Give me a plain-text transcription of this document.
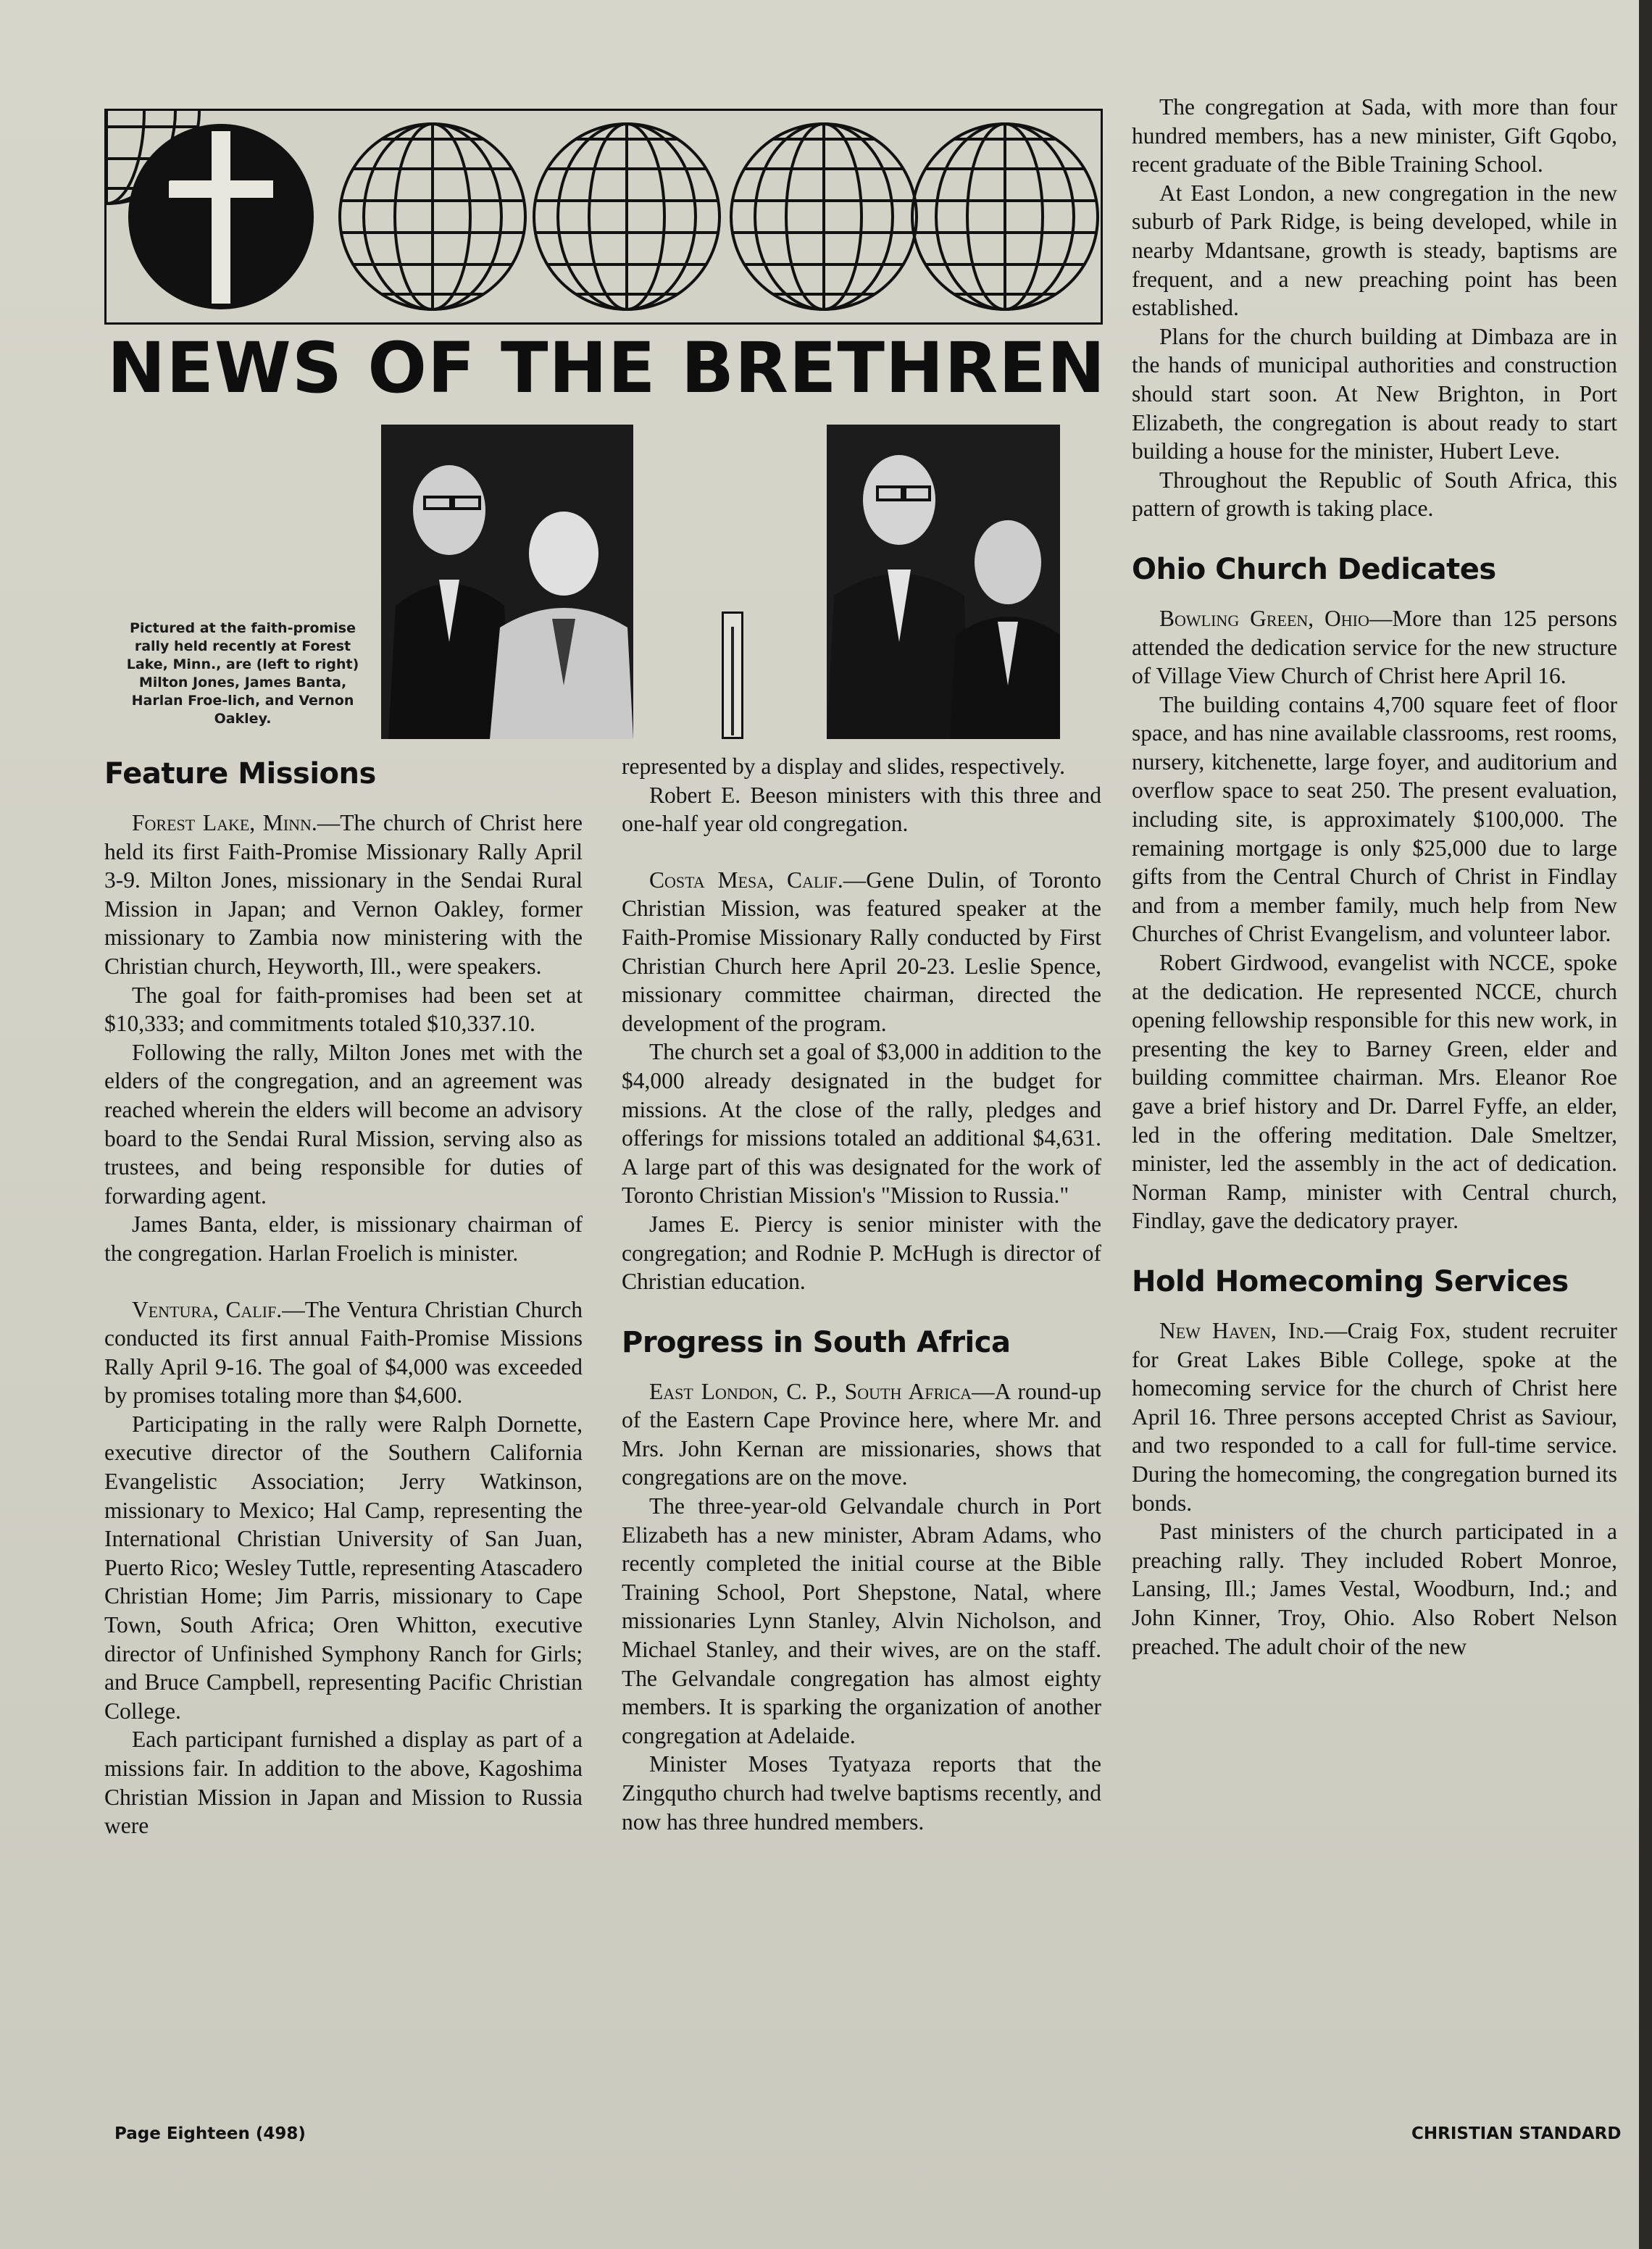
NEWS OF THE BRETHREN
Pictured at the faith-promise rally held recently at Forest Lake, Minn., are (left to right) Milton Jones, James Banta, Harlan Froe-lich, and Vernon Oakley.
Feature Missions

Forest Lake, Minn.—The church of Christ here held its first Faith-Promise Missionary Rally April 3-9. Milton Jones, missionary in the Sendai Rural Mission in Japan; and Vernon Oakley, former missionary to Zambia now ministering with the Christian church, Heyworth, Ill., were speakers.

The goal for faith-promises had been set at $10,333; and commitments totaled $10,337.10.

Following the rally, Milton Jones met with the elders of the congregation, and an agreement was reached wherein the elders will become an advisory board to the Sendai Rural Mission, serving also as trustees, and being responsible for duties of forwarding agent.

James Banta, elder, is missionary chairman of the congregation. Harlan Froelich is minister.

Ventura, Calif.—The Ventura Christian Church conducted its first annual Faith-Promise Missions Rally April 9-16. The goal of $4,000 was exceeded by promises totaling more than $4,600.

Participating in the rally were Ralph Dornette, executive director of the Southern California Evangelistic Association; Jerry Watkinson, missionary to Mexico; Hal Camp, representing the International Christian University of San Juan, Puerto Rico; Wesley Tuttle, representing Atascadero Christian Home; Jim Parris, missionary to Cape Town, South Africa; Oren Whitton, executive director of Unfinished Symphony Ranch for Girls; and Bruce Campbell, representing Pacific Christian College.

Each participant furnished a display as part of a missions fair. In addition to the above, Kagoshima Christian Mission in Japan and Mission to Russia were

represented by a display and slides, respectively.

Robert E. Beeson ministers with this three and one-half year old congregation.

Costa Mesa, Calif.—Gene Dulin, of Toronto Christian Mission, was featured speaker at the Faith-Promise Missionary Rally conducted by First Christian Church here April 20-23. Leslie Spence, missionary committee chairman, directed the development of the program.

The church set a goal of $3,000 in addition to the $4,000 already designated in the budget for missions. At the close of the rally, pledges and offerings for missions totaled an additional $4,631. A large part of this was designated for the work of Toronto Christian Mission's "Mission to Russia."

James E. Piercy is senior minister with the congregation; and Rodnie P. McHugh is director of Christian education.

Progress in South Africa

East London, C. P., South Africa—A round-up of the Eastern Cape Province here, where Mr. and Mrs. John Kernan are missionaries, shows that congregations are on the move.

The three-year-old Gelvandale church in Port Elizabeth has a new minister, Abram Adams, who recently completed the initial course at the Bible Training School, Port Shepstone, Natal, where missionaries Lynn Stanley, Alvin Nicholson, and Michael Stanley, and their wives, are on the staff. The Gelvandale congregation has almost eighty members. It is sparking the organization of another congregation at Adelaide.

Minister Moses Tyatyaza reports that the Zingqutho church had twelve baptisms recently, and now has three hundred members.

The congregation at Sada, with more than four hundred members, has a new minister, Gift Gqobo, recent graduate of the Bible Training School.

At East London, a new congregation in the new suburb of Park Ridge, is being developed, while in nearby Mdantsane, growth is steady, baptisms are frequent, and a new preaching point has been established.

Plans for the church building at Dimbaza are in the hands of municipal authorities and construction should start soon. At New Brighton, in Port Elizabeth, the congregation is about ready to start building a house for the minister, Hubert Leve.

Throughout the Republic of South Africa, this pattern of growth is taking place.

Ohio Church Dedicates

Bowling Green, Ohio—More than 125 persons attended the dedication service for the new structure of Village View Church of Christ here April 16.

The building contains 4,700 square feet of floor space, and has nine available classrooms, rest rooms, nursery, kitchenette, large foyer, and auditorium and overflow space to seat 250. The present evaluation, including site, is approximately $100,000. The remaining mortgage is only $25,000 due to large gifts from the Central Church of Christ in Findlay and from a member family, much help from New Churches of Christ Evangelism, and volunteer labor.

Robert Girdwood, evangelist with NCCE, spoke at the dedication. He represented NCCE, church opening fellowship responsible for this new work, in presenting the key to Barney Green, elder and building committee chairman. Mrs. Eleanor Roe gave a brief history and Dr. Darrel Fyffe, an elder, led in the offering meditation. Dale Smeltzer, minister, led the assembly in the act of dedication. Norman Ramp, minister with Central church, Findlay, gave the dedicatory prayer.

Hold Homecoming Services

New Haven, Ind.—Craig Fox, student recruiter for Great Lakes Bible College, spoke at the homecoming service for the church of Christ here April 16. Three persons accepted Christ as Saviour, and two responded to a call for full-time service. During the homecoming, the congregation burned its bonds.

Past ministers of the church participated in a preaching rally. They included Robert Monroe, Lansing, Ill.; James Vestal, Woodburn, Ind.; and John Kinner, Troy, Ohio. Also Robert Nelson preached. The adult choir of the new

Page Eighteen (498)	CHRISTIAN STANDARD
